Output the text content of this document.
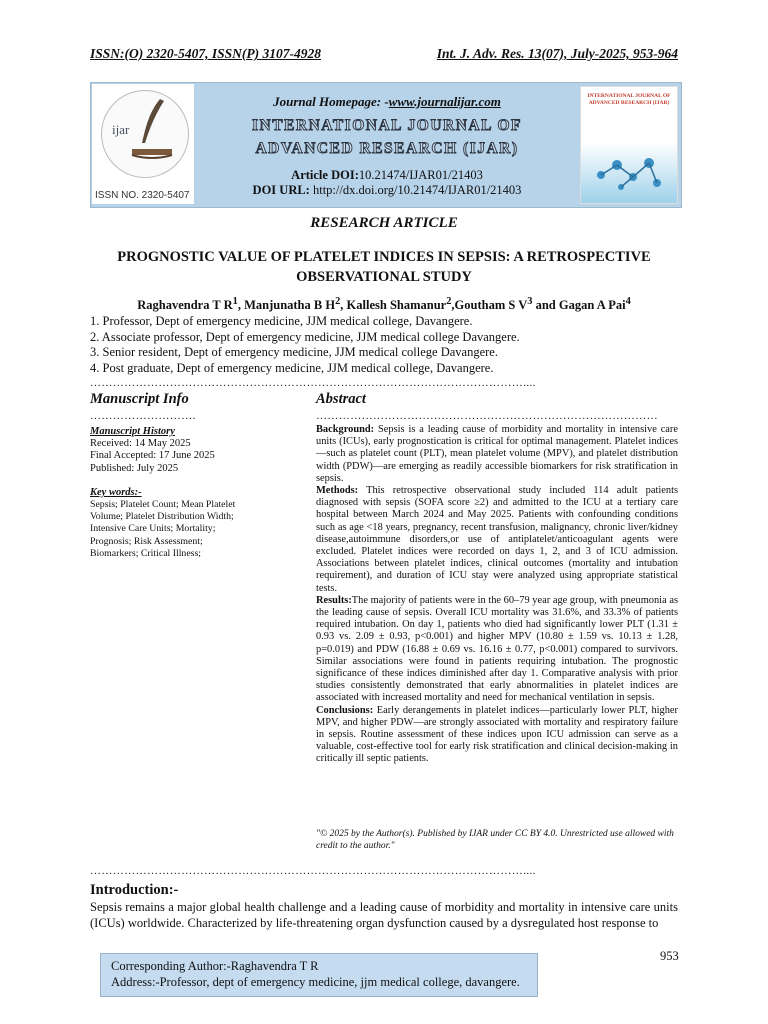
ISSN:(O) 2320-5407, ISSN(P) 3107-4928	Int. J. Adv. Res. 13(07), July-2025, 953-964
ijar
ISSN NO. 2320-5407
Journal Homepage: -www.journalijar.com
INTERNATIONAL JOURNAL OF
ADVANCED RESEARCH (IJAR)
Article DOI:10.21474/IJAR01/21403
DOI URL: http://dx.doi.org/10.21474/IJAR01/21403
INTERNATIONAL JOURNAL OF ADVANCED RESEARCH (IJAR)
RESEARCH ARTICLE
PROGNOSTIC VALUE OF PLATELET INDICES IN SEPSIS: A RETROSPECTIVE
OBSERVATIONAL STUDY
Raghavendra T $R^1$, Manjunatha B $H^2$, Kallesh Shamanur$^2$,Goutham S $V^3$ and Gagan A Pai$^4$
1. Professor, Dept of emergency medicine, JJM medical college, Davangere.
2. Associate professor, Dept of emergency medicine, JJM medical college Davangere.
3. Senior resident, Dept of emergency medicine, JJM medical college Davangere.
4. Post graduate, Dept of emergency medicine, JJM medical college, Davangere.
……………………………………………………………………………………………………....
Manuscript Info	Abstract
……………………….	………………………………………………………………………………
Manuscript History
Received: 14 May 2025
Final Accepted: 17 June 2025
Published: July 2025
Key words:-
Sepsis; Platelet Count; Mean Platelet Volume; Platelet Distribution Width; Intensive Care Units; Mortality; Prognosis; Risk Assessment; Biomarkers; Critical Illness;

Background: Sepsis is a leading cause of morbidity and mortality in intensive care units (ICUs), early prognostication is critical for optimal management. Platelet indices—such as platelet count (PLT), mean platelet volume (MPV), and platelet distribution width (PDW)—are emerging as readily accessible biomarkers for risk stratification in sepsis.

Methods: This retrospective observational study included 114 adult patients diagnosed with sepsis (SOFA score ≥2) and admitted to the ICU at a tertiary care hospital between March 2024 and May 2025. Patients with confounding conditions such as age <18 years, pregnancy, recent transfusion, malignancy, chronic liver/kidney disease,autoimmune disorders,or use of antiplatelet/anticoagulant agents were excluded. Platelet indices were recorded on days 1, 2, and 3 of ICU admission. Associations between platelet indices, clinical outcomes (mortality and intubation requirement), and duration of ICU stay were analyzed using appropriate statistical tests.

Results:The majority of patients were in the 60–79 year age group, with pneumonia as the leading cause of sepsis. Overall ICU mortality was 31.6%, and 33.3% of patients required intubation. On day 1, patients who died had significantly lower PLT (1.31 ± 0.93 vs. 2.09 ± 0.93, p<0.001) and higher MPV (10.80 ± 1.59 vs. 10.13 ± 1.28, p=0.019) and PDW (16.88 ± 0.69 vs. 16.16 ± 0.77, p<0.001) compared to survivors. Similar associations were found in patients requiring intubation. The prognostic significance of these indices diminished after day 1. Comparative analysis with prior studies consistently demonstrated that early abnormalities in platelet indices are associated with increased mortality and need for mechanical ventilation in sepsis.

Conclusions: Early derangements in platelet indices—particularly lower PLT, higher MPV, and higher PDW—are strongly associated with mortality and respiratory failure in sepsis. Routine assessment of these indices upon ICU admission can serve as a valuable, cost-effective tool for early risk stratification and clinical decision-making in critically ill septic patients.

"© 2025 by the Author(s). Published by IJAR under CC BY 4.0. Unrestricted use allowed with credit to the author."
……………………………………………………………………………………………………....
Introduction:-
Sepsis remains a major global health challenge and a leading cause of morbidity and mortality in intensive care units (ICUs) worldwide. Characterized by life-threatening organ dysfunction caused by a dysregulated host response to
953
Corresponding Author:-Raghavendra T R
Address:-Professor, dept of emergency medicine, jjm medical college, davangere.
